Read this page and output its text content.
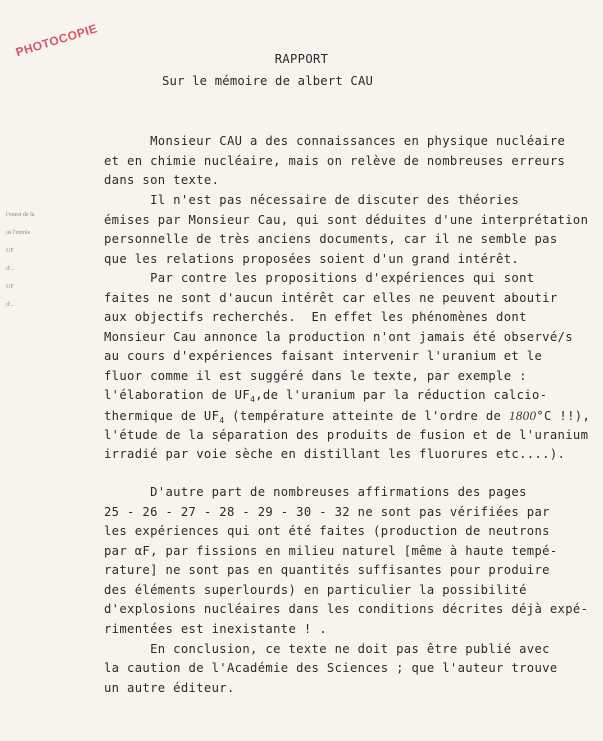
PHOTOCOPIE	RAPPORT
Sur le mémoire de albert CAU
l'ouest de la
us l'entrée
UF
d'...
UF
d'...
Monsieur CAU a des connaissances en physique nucléaire
et en chimie nucléaire, mais on relève de nombreuses erreurs
dans son texte.
Il n'est pas nécessaire de discuter des théories
émises par Monsieur Cau, qui sont déduites d'une interprétation
personnelle de très anciens documents, car il ne semble pas
que les relations proposées soient d'un grand intérêt.
Par contre les propositions d'expériences qui sont
faites ne sont d'aucun intérêt car elles ne peuvent aboutir
aux objectifs recherchés.  En effet les phénomènes dont
Monsieur Cau annonce la production n'ont jamais été observé/s
au cours d'expériences faisant intervenir l'uranium et le
fluor comme il est suggéré dans le texte, par exemple :
l'élaboration de $UF_4,de$ l'uranium par la réduction calcio-
thermique de $UF_4$ (température atteinte de l'ordre de 1800°C !!),
l'étude de la séparation des produits de fusion et de l'uranium
irradié par voie sèche en distillant les fluorures etc....).
D'autre part de nombreuses affirmations des pages
25 - 26 - 27 - 28 - 29 - 30 - 32 ne sont pas vérifiées par
les expériences qui ont été faites (production de neutrons
par αF, par fissions en milieu naturel [même à haute tempé-
rature] ne sont pas en quantités suffisantes pour produire
des éléments superlourds) en particulier la possibilité
d'explosions nucléaires dans les conditions décrites déjà expé-
rimentées est inexistante ! .
En conclusion, ce texte ne doit pas être publié avec
la caution de l'Académie des Sciences ; que l'auteur trouve
un autre éditeur.
